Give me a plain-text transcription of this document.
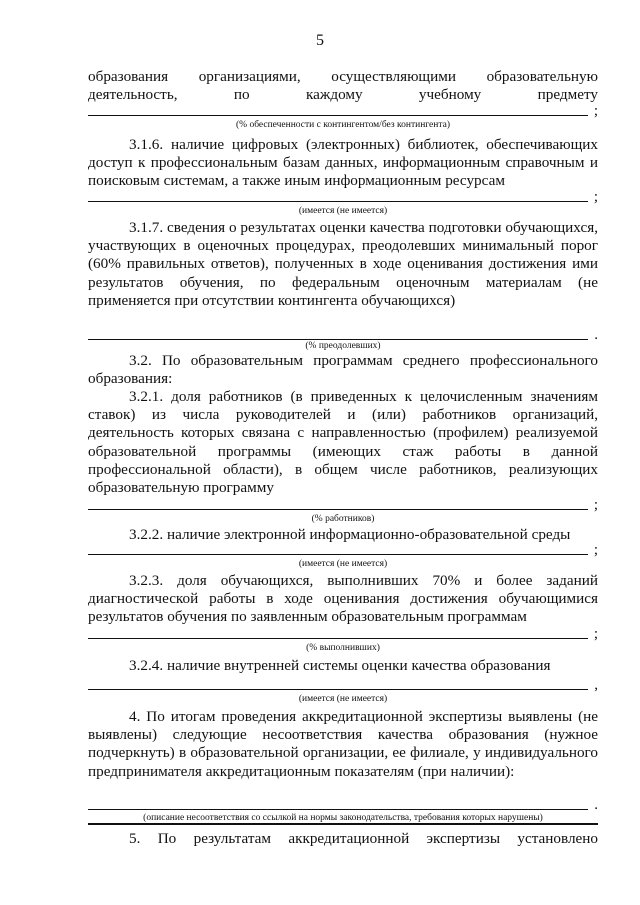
5

образования организациями, осуществляющими образовательную деятельность, по каждому учебному предмету

;
(% обеспеченности с контингентом/без контингента)

3.1.6. наличие цифровых (электронных) библиотек, обеспечивающих доступ к профессиональным базам данных, информационным справочным и поисковым системам, а также иным информационным ресурсам

;
(имеется (не имеется)

3.1.7. сведения о результатах оценки качества подготовки обучающихся, участвующих в оценочных процедурах, преодолевших минимальный порог (60% правильных ответов), полученных в ходе оценивания достижения ими результатов обучения, по федеральным оценочным материалам (не применяется при отсутствии контингента обучающихся)

.
(% преодолевших)

3.2. По образовательным программам среднего профессионального образования:

3.2.1. доля работников (в приведенных к целочисленным значениям ставок) из числа руководителей и (или) работников организаций, деятельность которых связана с направленностью (профилем) реализуемой образовательной программы (имеющих стаж работы в данной профессиональной области), в общем числе работников, реализующих образовательную программу

;
(% работников)

3.2.2. наличие электронной информационно-образовательной среды

;
(имеется (не имеется)

3.2.3. доля обучающихся, выполнивших 70% и более заданий диагностической работы в ходе оценивания достижения обучающимися результатов обучения по заявленным образовательным программам

;
(% выполнивших)

3.2.4. наличие внутренней системы оценки качества образования

,
(имеется (не имеется)

4. По итогам проведения аккредитационной экспертизы выявлены (не выявлены) следующие несоответствия качества образования (нужное подчеркнуть) в образовательной организации, ее филиале, у индивидуального предпринимателя аккредитационным показателям (при наличии):

.
(описание несоответствия со ссылкой на нормы законодательства, требования которых нарушены)

5. По результатам аккредитационной экспертизы установлено
